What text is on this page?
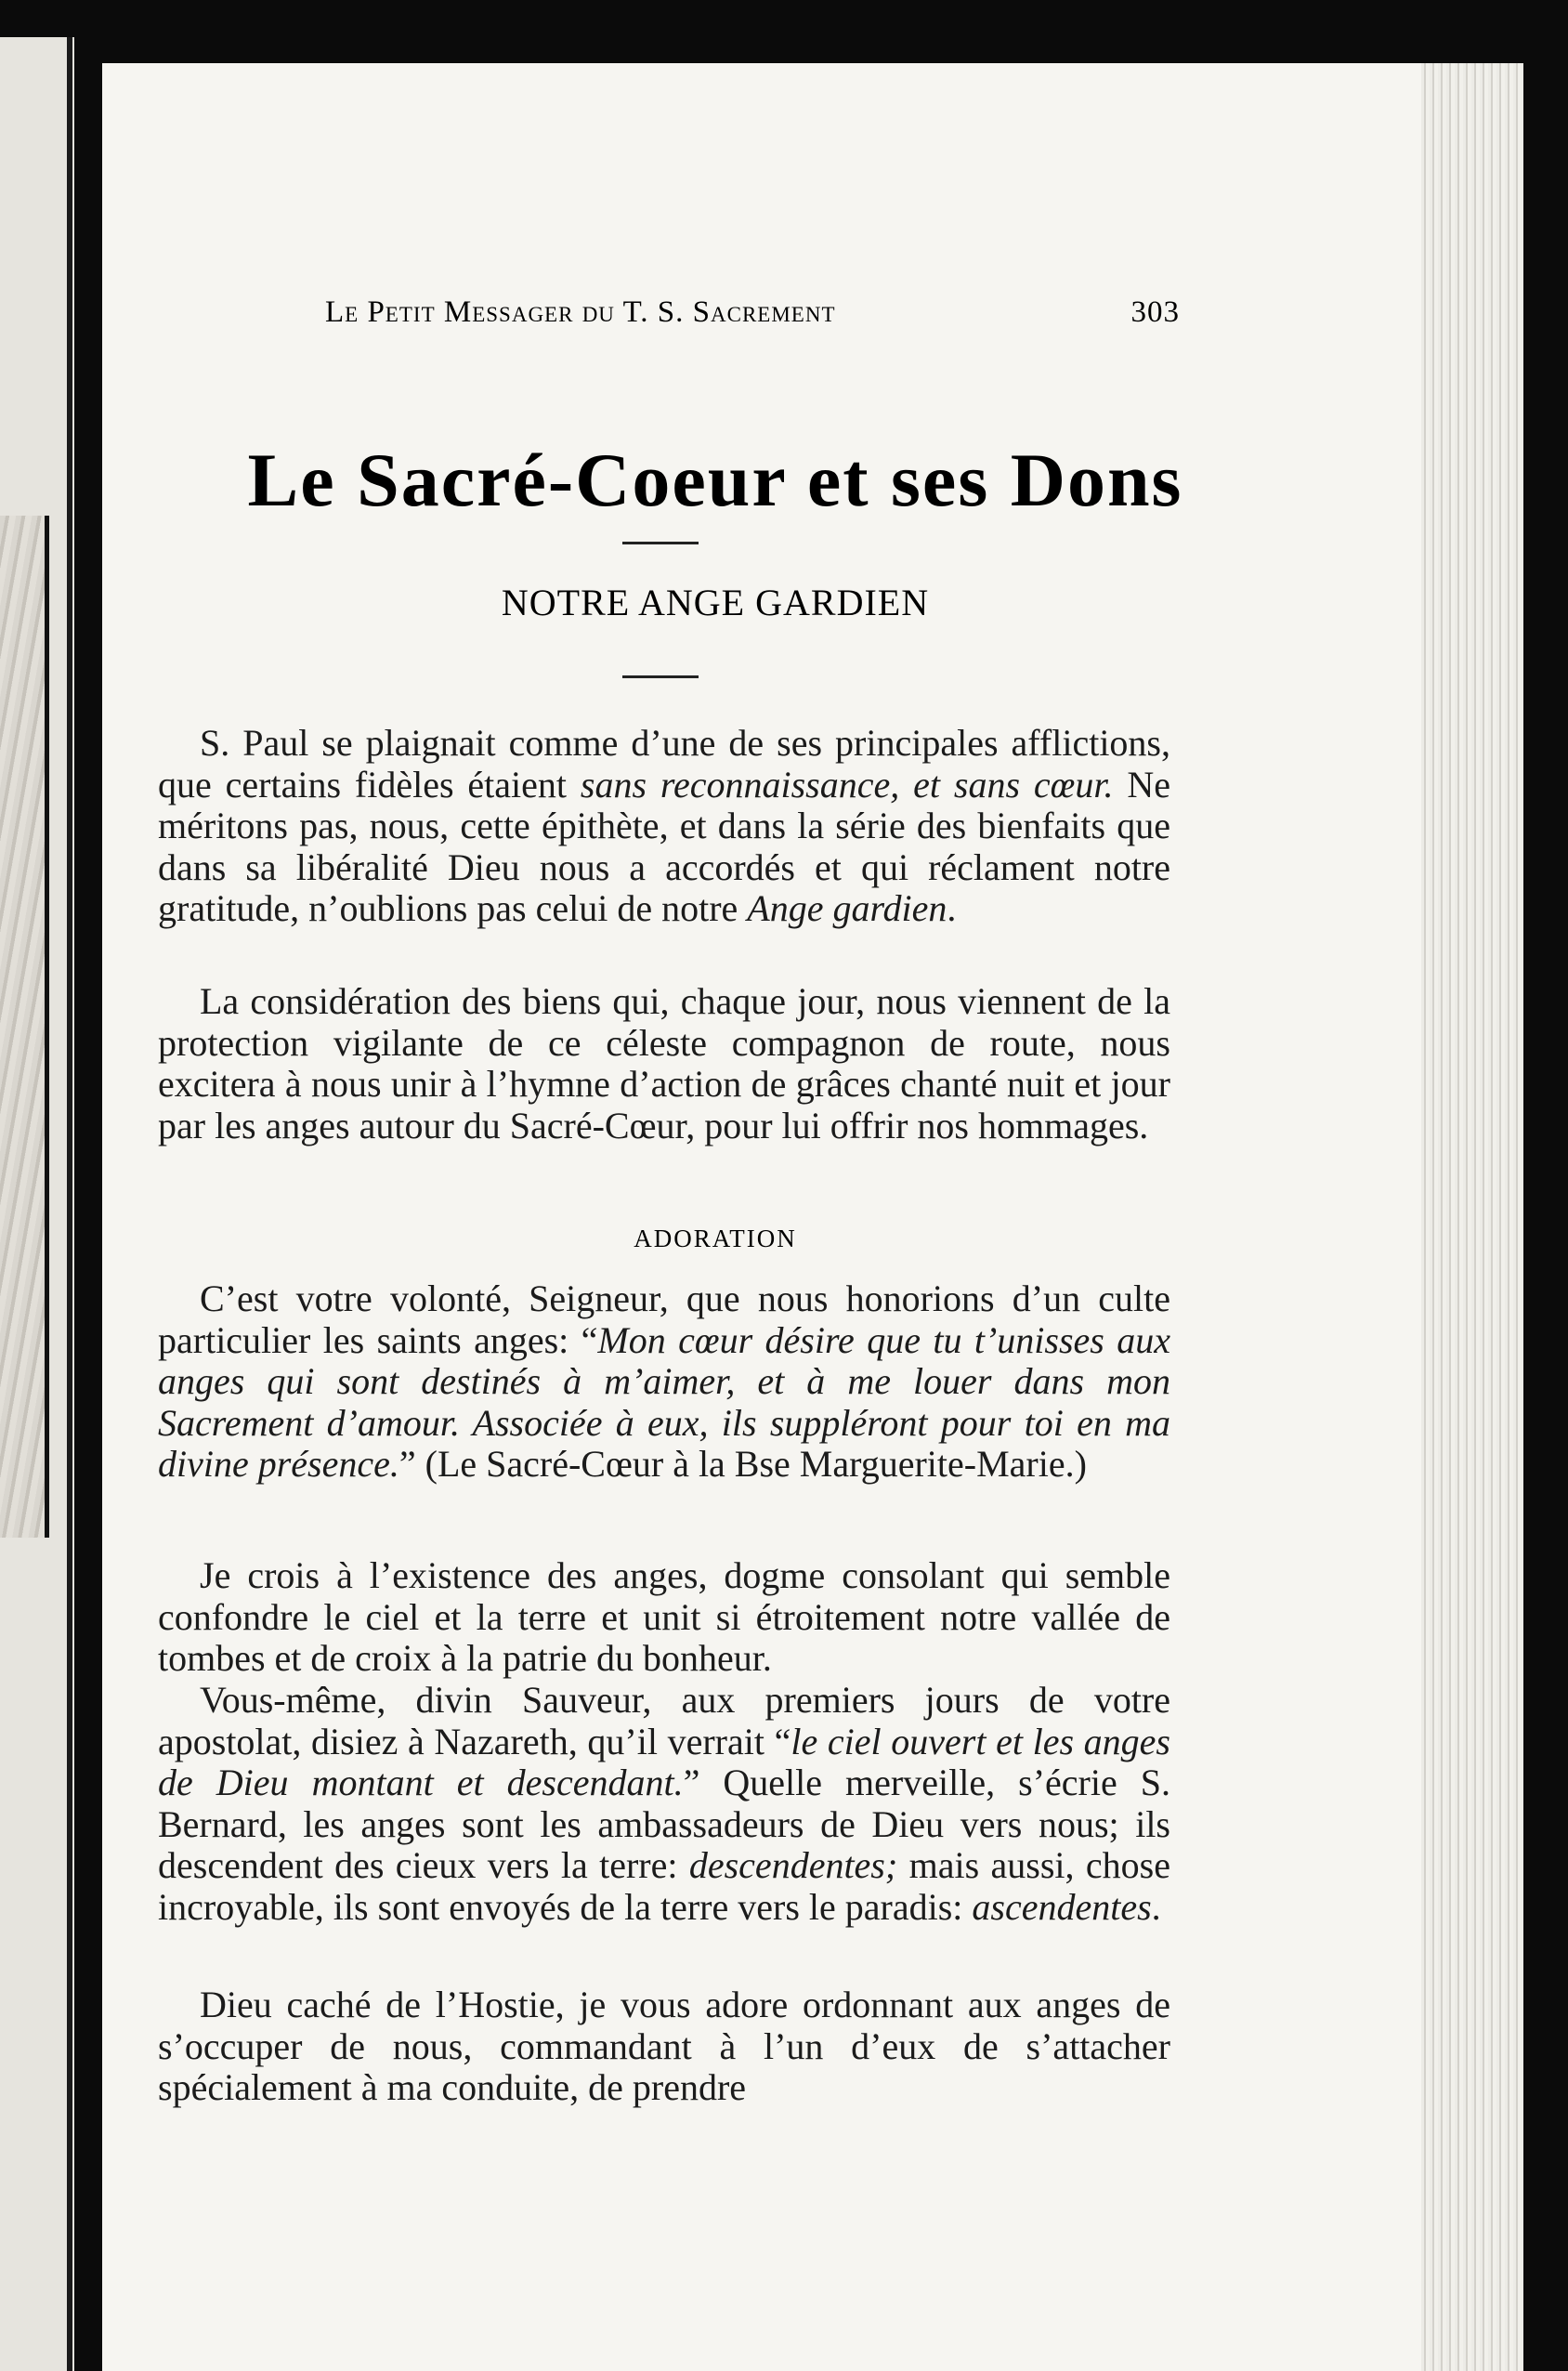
Le Petit Messager du T. S. Sacrement	303
Le Sacré-Coeur et ses Dons
NOTRE ANGE GARDIEN

S. Paul se plaignait comme d’une de ses principales afflictions, que certains fidèles étaient sans reconnaissance, et sans cœur. Ne méritons pas, nous, cette épithète, et dans la série des bienfaits que dans sa libéralité Dieu nous a accordés et qui réclament notre gratitude, n’oublions pas celui de notre Ange gardien.

La considération des biens qui, chaque jour, nous viennent de la protection vigilante de ce céleste compagnon de route, nous excitera à nous unir à l’hymne d’action de grâces chanté nuit et jour par les anges autour du Sacré-Cœur, pour lui offrir nos hommages.

ADORATION

C’est votre volonté, Seigneur, que nous honorions d’un culte particulier les saints anges: “Mon cœur désire que tu t’unisses aux anges qui sont destinés à m’aimer, et à me louer dans mon Sacrement d’amour. Associée à eux, ils suppléront pour toi en ma divine présence.” (Le Sacré-Cœur à la Bse Marguerite-Marie.)

Je crois à l’existence des anges, dogme consolant qui semble confondre le ciel et la terre et unit si étroitement notre vallée de tombes et de croix à la patrie du bonheur.

Vous-même, divin Sauveur, aux premiers jours de votre apostolat, disiez à Nazareth, qu’il verrait “le ciel ouvert et les anges de Dieu montant et descendant.” Quelle merveille, s’écrie S. Bernard, les anges sont les ambassadeurs de Dieu vers nous; ils descendent des cieux vers la terre: descendentes; mais aussi, chose incroyable, ils sont envoyés de la terre vers le paradis: ascendentes.

Dieu caché de l’Hostie, je vous adore ordonnant aux anges de s’occuper de nous, commandant à l’un d’eux de s’attacher spécialement à ma conduite, de prendre
